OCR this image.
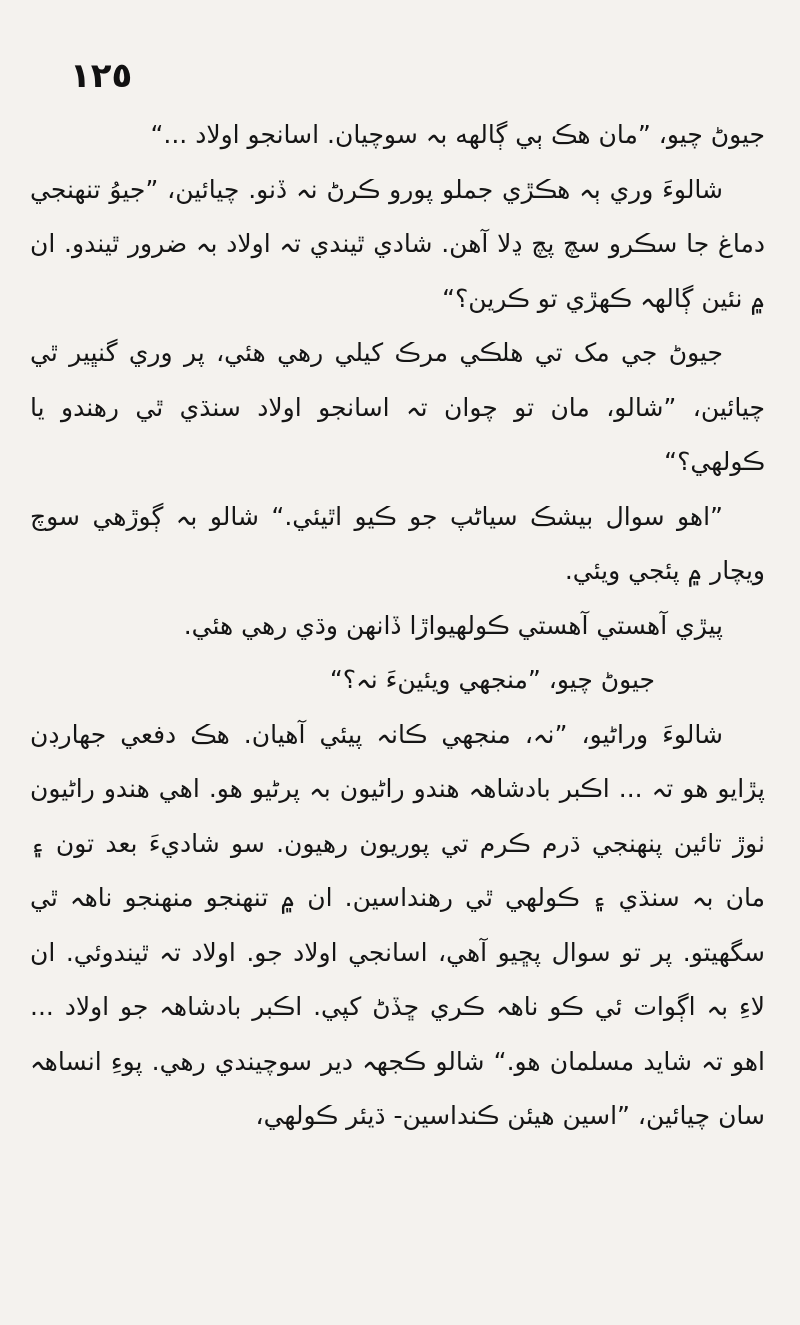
١٢٥

جيوڻ چيو، ”مان هڪ ٻي ڳالهه بہ سوچيان. اسانجو اولاد ...“

شالوءَ وري ٻہ هڪڙي جملو پورو ڪرڻ نہ ڏنو. چيائين، ”جيوُ تنهنجي دماغ جا سڪرو سچ پچ ڍلا آهن. شادي ٿيندي تہ اولاد بہ ضرور ٿيندو. ان ۾ نئين ڳالهہ ڪهڙي تو ڪرين؟“

جيوڻ جي مک تي هلڪي مرڪ کيلي رهي هئي، پر وري گنڀير ٿي چيائين، ”شالو، مان تو چوان تہ اسانجو اولاد سنڌي ٿي رهندو يا ڪولهي؟“

”اهو سوال بيشڪ سياڻپ جو ڪيو اٿيئي.“ شالو بہ ڳوڙهي سوچ ويچار ۾ پئجي ويئي.

پيڙي آهستي آهستي ڪولهيواڙا ڏانهن وڌي رهي هئي.

جيوڻ چيو، ”منجهي ويئينءَ نہ؟“

شالوءَ وراڻيو، ”نہ، منجهي ڪانہ پيئي آهيان. هڪ دفعي جهارڊن پڙايو هو تہ ... اڪبر بادشاهہ هندو راڻيون بہ پرڻيو هو. اهي هندو راڻيون ٺوڙ تائين پنهنجي ڌرم ڪرم تي پوريون رهيون. سو شاديءَ بعد تون ۽ مان بہ سنڌي ۽ ڪولهي ٿي رهنداسين. ان ۾ تنهنجو منهنجو ناهہ ٿي سگهيتو. پر تو سوال پڇيو آهي، اسانجي اولاد جو. اولاد تہ ٿيندوئي. ان لاءِ بہ اڳوات ئي ڪو ناهہ ڪري ڇڏڻ کپي. اڪبر بادشاهہ جو اولاد ... اهو تہ شايد مسلمان هو.“ شالو ڪجهہ دير سوچيندي رهي. پوءِ انساهہ سان چيائين، ”اسين هيئن ڪنداسين- ڌيئر ڪولهي،
